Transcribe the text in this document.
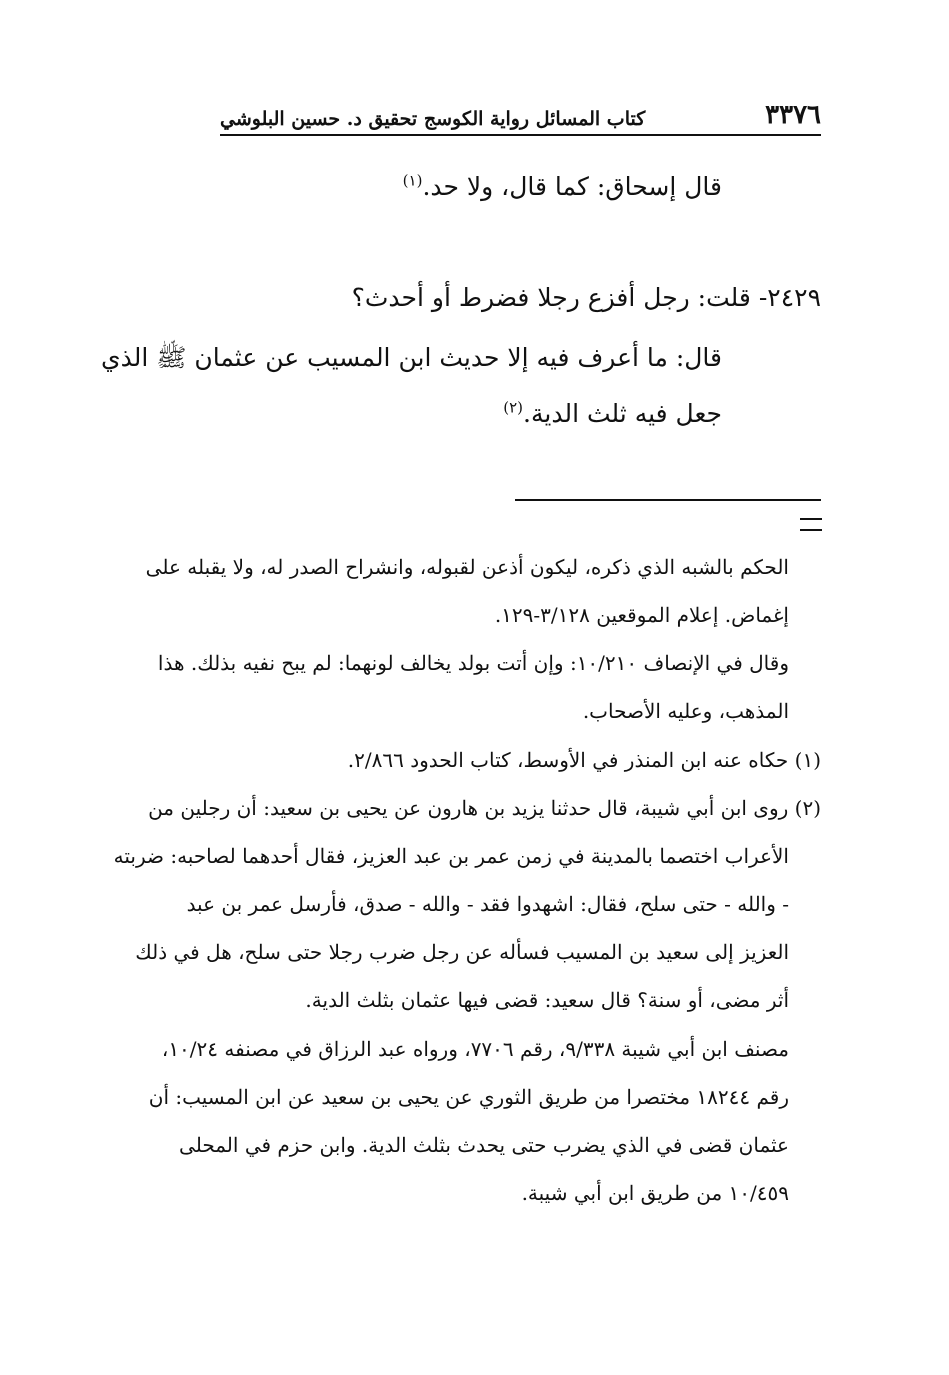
٣٣٧٦
كتاب المسائل رواية الكوسج تحقيق د. حسين البلوشي
قال إسحاق: كما قال، ولا حد.$^{(١)}$
٢٤٢٩- قلت: رجل أفزع رجلا فضرط أو أحدث؟
قال: ما أعرف فيه إلا حديث ابن المسيب عن عثمان ﷺ الذي
جعل فيه ثلث الدية.$^{(٢)}$
الحكم بالشبه الذي ذكره، ليكون أذعن لقبوله، وانشراح الصدر له، ولا يقبله على
إغماض. إعلام الموقعين ٣/١٢٨-١٢٩.
وقال في الإنصاف ١٠/٢١٠: وإن أتت بولد يخالف لونهما: لم يبح نفيه بذلك. هذا
المذهب، وعليه الأصحاب.
(١) حكاه عنه ابن المنذر في الأوسط، كتاب الحدود ٢/٨٦٦.
(٢) روى ابن أبي شيبة، قال حدثنا يزيد بن هارون عن يحيى بن سعيد: أن رجلين من
الأعراب اختصما بالمدينة في زمن عمر بن عبد العزيز، فقال أحدهما لصاحبه: ضربته
- والله - حتى سلح، فقال: اشهدوا فقد - والله - صدق، فأرسل عمر بن عبد
العزيز إلى سعيد بن المسيب فسأله عن رجل ضرب رجلا حتى سلح، هل في ذلك
أثر مضى، أو سنة؟ قال سعيد: قضى فيها عثمان بثلث الدية.
مصنف ابن أبي شيبة ٩/٣٣٨، رقم ٧٧٠٦، ورواه عبد الرزاق في مصنفه ١٠/٢٤،
رقم ١٨٢٤٤ مختصرا من طريق الثوري عن يحيى بن سعيد عن ابن المسيب: أن
عثمان قضى في الذي يضرب حتى يحدث بثلث الدية. وابن حزم في المحلى
١٠/٤٥٩ من طريق ابن أبي شيبة.
